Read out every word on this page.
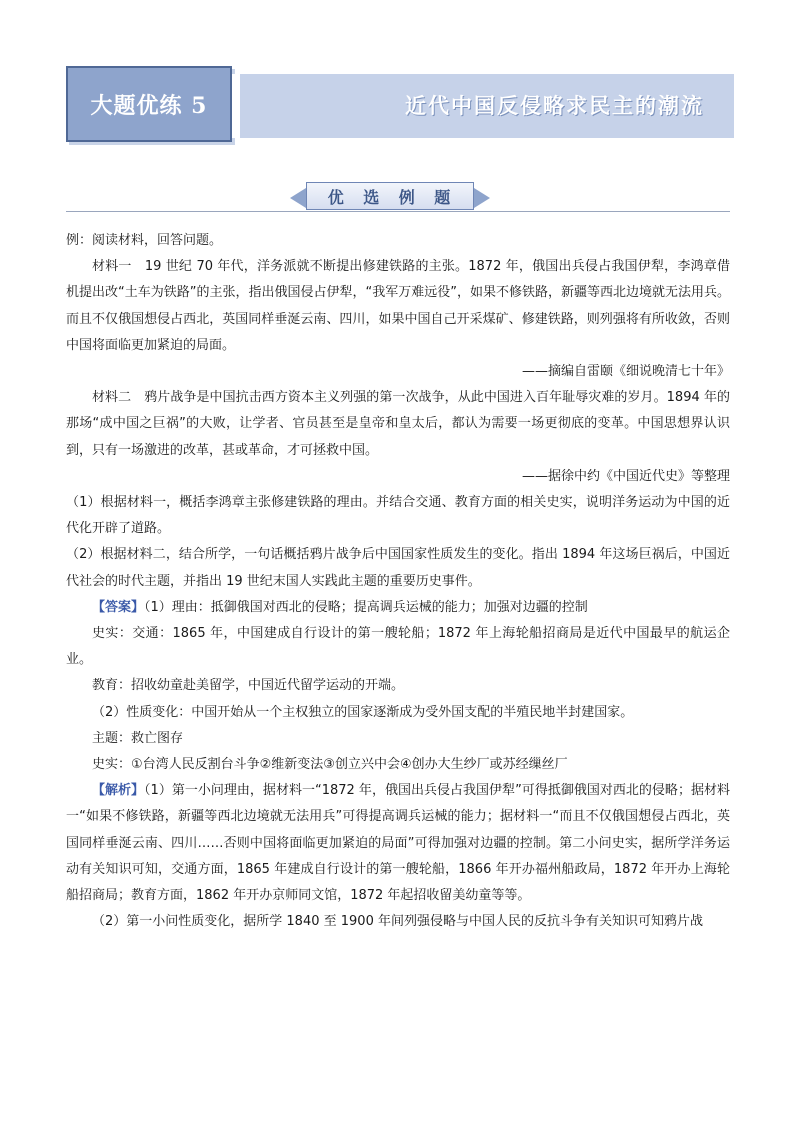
大题优练 5	近代中国反侵略求民主的潮流
优 选 例 题

例：阅读材料，回答问题。

材料一　19 世纪 70 年代，洋务派就不断提出修建铁路的主张。1872 年，俄国出兵侵占我国伊犁，李鸿章借机提出改“土车为铁路”的主张，指出俄国侵占伊犁，“我军万难远役”，如果不修铁路，新疆等西北边境就无法用兵。而且不仅俄国想侵占西北，英国同样垂涎云南、四川，如果中国自己开采煤矿、修建铁路，则列强将有所收敛，否则中国将面临更加紧迫的局面。

——摘编自雷颐《细说晚清七十年》

材料二　鸦片战争是中国抗击西方资本主义列强的第一次战争，从此中国进入百年耻辱灾难的岁月。1894 年的那场“成中国之巨祸”的大败，让学者、官员甚至是皇帝和皇太后，都认为需要一场更彻底的变革。中国思想界认识到，只有一场激进的改革，甚或革命，才可拯救中国。

——据徐中约《中国近代史》等整理

（1）根据材料一，概括李鸿章主张修建铁路的理由。并结合交通、教育方面的相关史实，说明洋务运动为中国的近代化开辟了道路。

（2）根据材料二，结合所学，一句话概括鸦片战争后中国国家性质发生的变化。指出 1894 年这场巨祸后，中国近代社会的时代主题，并指出 19 世纪末国人实践此主题的重要历史事件。

【答案】（1）理由：抵御俄国对西北的侵略；提高调兵运械的能力；加强对边疆的控制

史实：交通：1865 年，中国建成自行设计的第一艘轮船；1872 年上海轮船招商局是近代中国最早的航运企业。

教育：招收幼童赴美留学，中国近代留学运动的开端。

（2）性质变化：中国开始从一个主权独立的国家逐渐成为受外国支配的半殖民地半封建国家。

主题：救亡图存

史实：①台湾人民反割台斗争②维新变法③创立兴中会④创办大生纱厂或苏经缫丝厂

【解析】（1）第一小问理由，据材料一“1872 年，俄国出兵侵占我国伊犁”可得抵御俄国对西北的侵略；据材料一“如果不修铁路，新疆等西北边境就无法用兵”可得提高调兵运械的能力；据材料一“而且不仅俄国想侵占西北，英国同样垂涎云南、四川……否则中国将面临更加紧迫的局面”可得加强对边疆的控制。第二小问史实，据所学洋务运动有关知识可知，交通方面，1865 年建成自行设计的第一艘轮船，1866 年开办福州船政局，1872 年开办上海轮船招商局；教育方面，1862 年开办京师同文馆，1872 年起招收留美幼童等等。

（2）第一小问性质变化，据所学 1840 至 1900 年间列强侵略与中国人民的反抗斗争有关知识可知鸦片战
